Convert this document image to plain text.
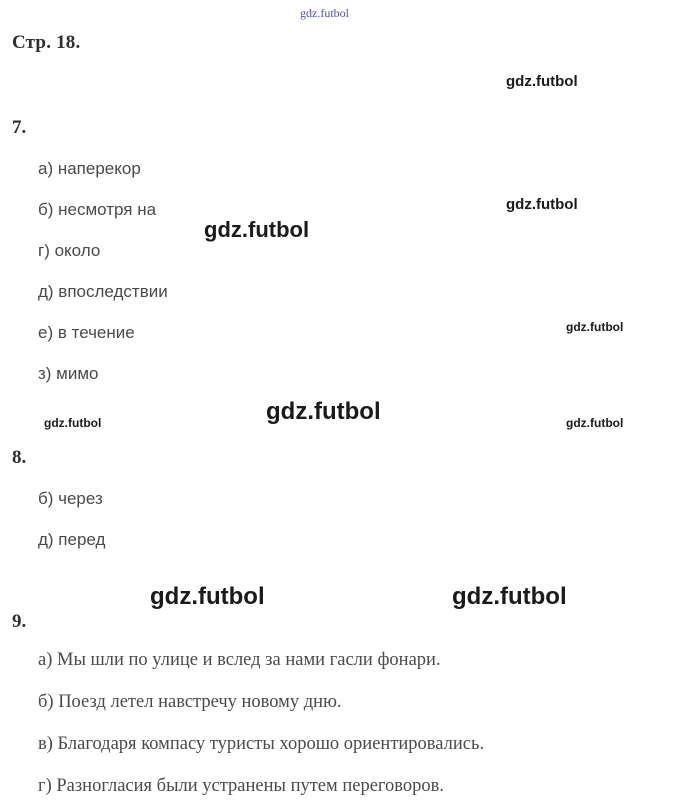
gdz.futbol
Стр. 18.
gdz.futbol
7.
а) наперекор
б) несмотря на
г) около
д) впоследствии
е) в течение
з) мимо
gdz.futbol
gdz.futbol
gdz.futbol
gdz.futbol	gdz.futbol
gdz.futbol
8.
б) через
д) перед
gdz.futbol	gdz.futbol
9.
а) Мы шли по улице и вслед за нами гасли фонари.
б) Поезд летел навстречу новому дню.
в) Благодаря компасу туристы хорошо ориентировались.
г) Разногласия были устранены путем переговоров.
